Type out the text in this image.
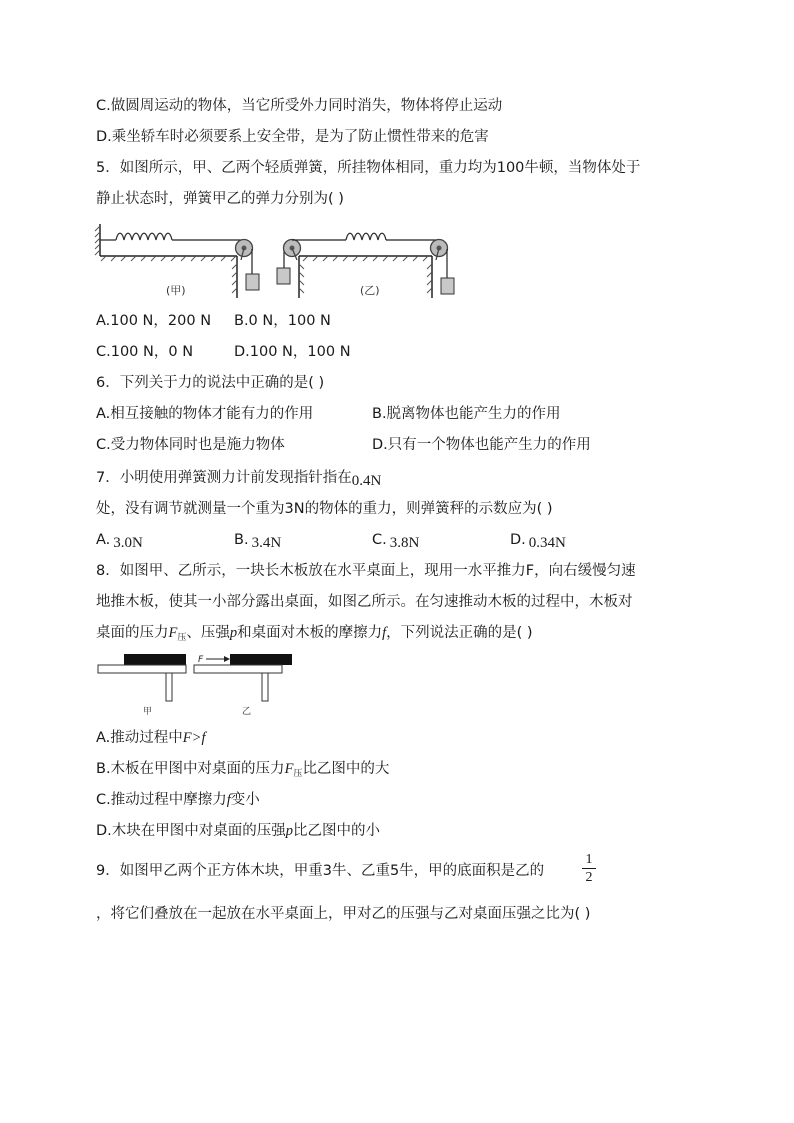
C.做圆周运动的物体，当它所受外力同时消失，物体将停止运动
D.乘坐轿车时必须要系上安全带，是为了防止惯性带来的危害
5．如图所示，甲、乙两个轻质弹簧，所挂物体相同，重力均为100牛顿，当物体处于
静止状态时，弹簧甲乙的弹力分别为( )
(甲)	(乙)
A.100 N，200 N B.0 N，100 N
C.100 N，0 N	D.100 N，100 N
6．下列关于力的说法中正确的是( )
A.相互接触的物体才能有力的作用	B.脱离物体也能产生力的作用
C.受力物体同时也是施力物体	D.只有一个物体也能产生力的作用
7．小明使用弹簧测力计前发现指针指在0.4N
处，没有调节就测量一个重为3N的物体的重力，则弹簧秤的示数应为( )
A. 3.0N	B. 3.4N	C. 3.8N	D. 0.34N
8．如图甲、乙所示，一块长木板放在水平桌面上，现用一水平推力F，向右缓慢匀速
地推木板，使其一小部分露出桌面，如图乙所示。在匀速推动木板的过程中，木板对
桌面的压力$F_压$、压强p和桌面对木板的摩擦力f，下列说法正确的是( )
甲
F
乙
A.推动过程中F>f
B.木板在甲图中对桌面的压力$F_压$比乙图中的大
C.推动过程中摩擦力f变小
D.木块在甲图中对桌面的压强p比乙图中的小
9．如图甲乙两个正方体木块，甲重3牛、乙重5牛，甲的底面积是乙的
1
2
，将它们叠放在一起放在水平桌面上，甲对乙的压强与乙对桌面压强之比为( )
